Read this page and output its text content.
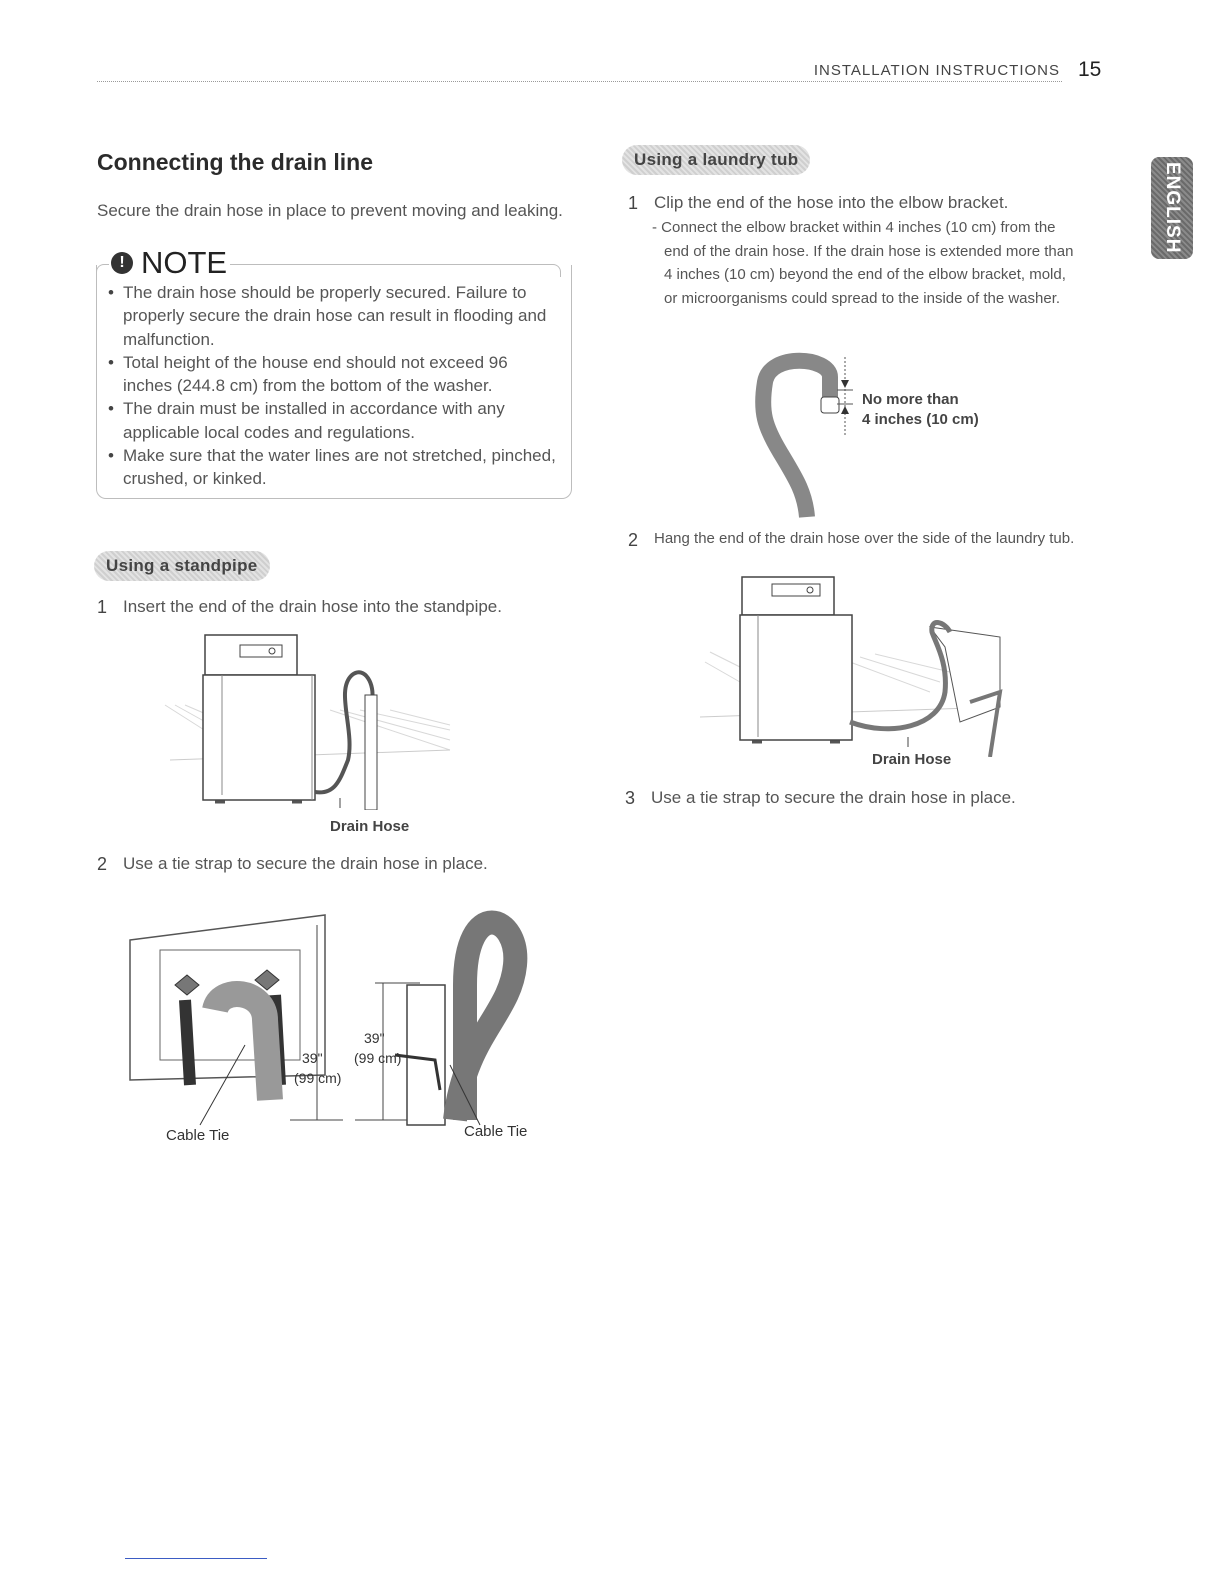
INSTALLATION INSTRUCTIONS 15
ENGLISH
Connecting the drain line
Secure the drain hose in place to prevent moving and leaking.
! NOTE
• The drain hose should be properly secured. Failure to properly secure the drain hose can result in flooding and malfunction.
• Total height of the house end should not exceed 96 inches (244.8 cm) from the bottom of the washer.
• The drain must be installed in accordance with any applicable local codes and regulations.
• Make sure that the water lines are not stretched, pinched, crushed, or kinked.
Using a standpipe
1 Insert the end of the drain hose into the standpipe.
Drain Hose
2 Use a tie strap to secure the drain hose in place.
39"
(99 cm)
39"
(99 cm)
Cable Tie	Cable Tie
Using a laundry tub
1 Clip the end of the hose into the elbow bracket.
- Connect the elbow bracket within 4 inches (10 cm) from the
end of the drain hose. If the drain hose is extended more than
4 inches (10 cm) beyond the end of the elbow bracket, mold,
or microorganisms could spread to the inside of the washer.
No more than
4 inches (10 cm)
2 Hang the end of the drain hose over the side of the laundry tub.
Drain Hose
3 Use a tie strap to secure the drain hose in place.
